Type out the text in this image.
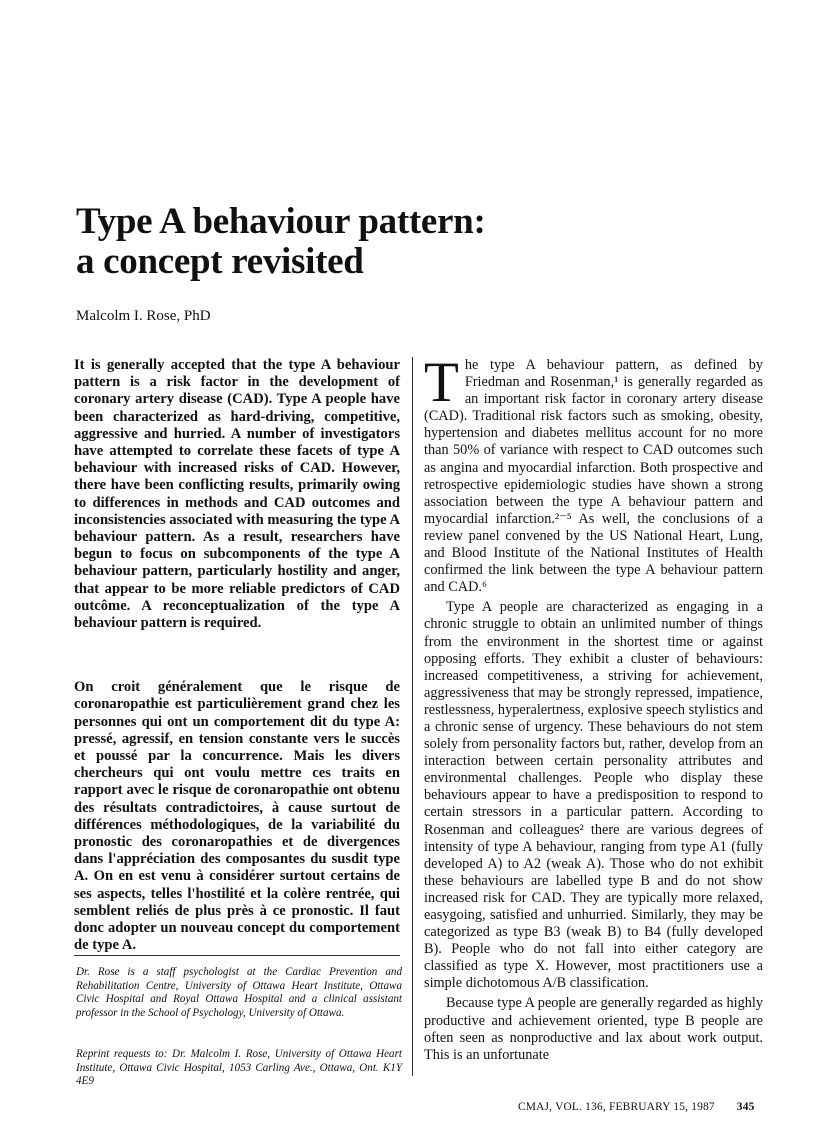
Type A behaviour pattern:
a concept revisited

Malcolm I. Rose, PhD

It is generally accepted that the type A behaviour pattern is a risk factor in the development of coronary artery disease (CAD). Type A people have been characterized as hard-driving, competitive, aggressive and hurried. A number of investigators have attempted to correlate these facets of type A behaviour with increased risks of CAD. However, there have been conflicting results, primarily owing to differences in methods and CAD outcomes and inconsistencies associated with measuring the type A behaviour pattern. As a result, researchers have begun to focus on subcomponents of the type A behaviour pattern, particularly hostility and anger, that appear to be more reliable predictors of CAD outcôme. A reconceptualization of the type A behaviour pattern is required.

On croit généralement que le risque de coronaropathie est particulièrement grand chez les personnes qui ont un comportement dit du type A: pressé, agressif, en tension constante vers le succès et poussé par la concurrence. Mais les divers chercheurs qui ont voulu mettre ces traits en rapport avec le risque de coronaropathie ont obtenu des résultats contradictoires, à cause surtout de différences méthodologiques, de la variabilité du pronostic des coronaropathies et de divergences dans l'appréciation des composantes du susdit type A. On en est venu à considérer surtout certains de ses aspects, telles l'hostilité et la colère rentrée, qui semblent reliés de plus près à ce pronostic. Il faut donc adopter un nouveau concept du comportement de type A.

Dr. Rose is a staff psychologist at the Cardiac Prevention and Rehabilitation Centre, University of Ottawa Heart Institute, Ottawa Civic Hospital and Royal Ottawa Hospital and a clinical assistant professor in the School of Psychology, University of Ottawa.

Reprint requests to: Dr. Malcolm I. Rose, University of Ottawa Heart Institute, Ottawa Civic Hospital, 1053 Carling Ave., Ottawa, Ont. K1Y 4E9

The type A behaviour pattern, as defined by Friedman and Rosenman,¹ is generally regarded as an important risk factor in coronary artery disease (CAD). Traditional risk factors such as smoking, obesity, hypertension and diabetes mellitus account for no more than 50% of variance with respect to CAD outcomes such as angina and myocardial infarction. Both prospective and retrospective epidemiologic studies have shown a strong association between the type A behaviour pattern and myocardial infarction.²⁻⁵ As well, the conclusions of a review panel convened by the US National Heart, Lung, and Blood Institute of the National Institutes of Health confirmed the link between the type A behaviour pattern and CAD.⁶

Type A people are characterized as engaging in a chronic struggle to obtain an unlimited number of things from the environment in the shortest time or against opposing efforts. They exhibit a cluster of behaviours: increased competitiveness, a striving for achievement, aggressiveness that may be strongly repressed, impatience, restlessness, hyperalertness, explosive speech stylistics and a chronic sense of urgency. These behaviours do not stem solely from personality factors but, rather, develop from an interaction between certain personality attributes and environmental challenges. People who display these behaviours appear to have a predisposition to respond to certain stressors in a particular pattern. According to Rosenman and colleagues² there are various degrees of intensity of type A behaviour, ranging from type A1 (fully developed A) to A2 (weak A). Those who do not exhibit these behaviours are labelled type B and do not show increased risk for CAD. They are typically more relaxed, easygoing, satisfied and unhurried. Similarly, they may be categorized as type B3 (weak B) to B4 (fully developed B). People who do not fall into either category are classified as type X. However, most practitioners use a simple dichotomous A/B classification.

Because type A people are generally regarded as highly productive and achievement oriented, type B people are often seen as nonproductive and lax about work output. This is an unfortunate

CMAJ, VOL. 136, FEBRUARY 15, 1987 345
